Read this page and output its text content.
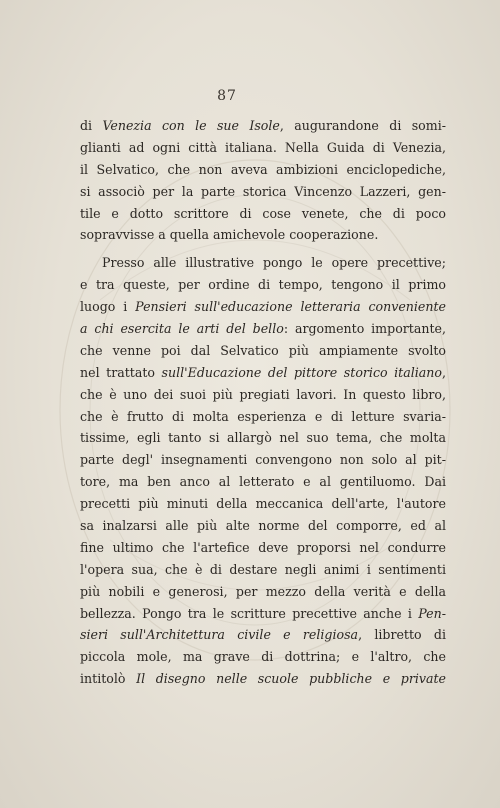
87
di Venezia con le sue Isole, augurandone di somi-
glianti ad ogni città italiana. Nella Guida di Venezia,
il Selvatico, che non aveva ambizioni enciclopediche,
si associò per la parte storica Vincenzo Lazzeri, gen-
tile e dotto scrittore di cose venete, che di poco
sopravvisse a quella amichevole cooperazione.
Presso alle illustrative pongo le opere precettive;
e tra queste, per ordine di tempo, tengono il primo
luogo i Pensieri sull'educazione letteraria conveniente
a chi esercita le arti del bello: argomento importante,
che venne poi dal Selvatico più ampiamente svolto
nel trattato sull'Educazione del pittore storico italiano,
che è uno dei suoi più pregiati lavori. In questo libro,
che è frutto di molta esperienza e di letture svaria-
tissime, egli tanto si allargò nel suo tema, che molta
parte degl' insegnamenti convengono non solo al pit-
tore, ma ben anco al letterato e al gentiluomo. Dai
precetti più minuti della meccanica dell'arte, l'autore
sa inalzarsi alle più alte norme del comporre, ed al
fine ultimo che l'artefice deve proporsi nel condurre
l'opera sua, che è di destare negli animi i sentimenti
più nobili e generosi, per mezzo della verità e della
bellezza. Pongo tra le scritture precettive anche i Pen-
sieri sull'Architettura civile e religiosa, libretto di
piccola mole, ma grave di dottrina; e l'altro, che
intitolò Il disegno nelle scuole pubbliche e private
